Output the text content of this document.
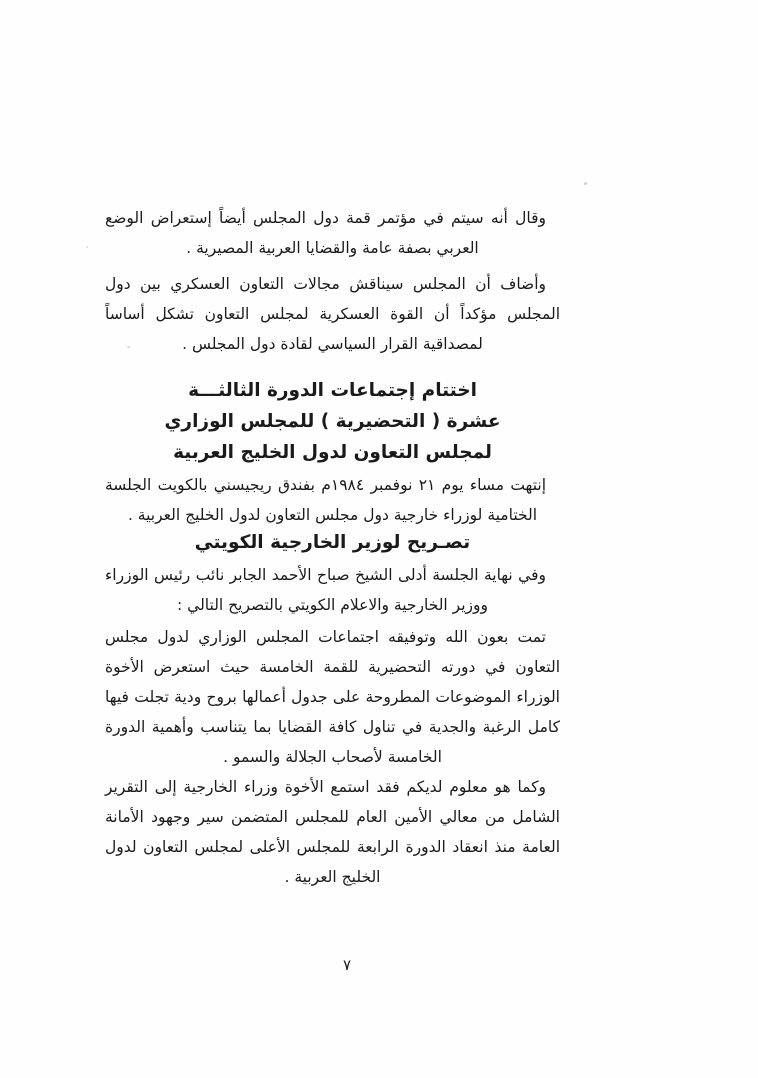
وقال أنه سيتم في مؤتمر قمة دول المجلس أيضاً إستعراض الوضع العربي بصفة عامة والقضايا العربية المصيرية .
وأضاف أن المجلس سيناقش مجالات التعاون العسكري بين دول المجلس مؤكداً أن القوة العسكرية لمجلس التعاون تشكل أساساً لمصداقية القرار السياسي لقادة دول المجلس .
اختتام إجتماعات الدورة الثالثـــة
عشرة ( التحضيرية ) للمجلس الوزاري
لمجلس التعاون لدول الخليج العربية
إنتهت مساء يوم ٢١ نوفمبر ١٩٨٤م بفندق ريجيسني بالكويت الجلسة الختامية لوزراء خارجية دول مجلس التعاون لدول الخليج العربية .
تصـريح لوزير الخارجية الكويتي
وفي نهاية الجلسة أدلى الشيخ صباح الأحمد الجابر نائب رئيس الوزراء ووزير الخارجية والاعلام الكويتي بالتصريح التالي :
تمت بعون الله وتوفيقه اجتماعات المجلس الوزاري لدول مجلس التعاون في دورته التحضيرية للقمة الخامسة حيث استعرض الأخوة الوزراء الموضوعات المطروحة على جدول أعمالها بروح ودية تجلت فيها كامل الرغبة والجدية في تناول كافة القضايا بما يتناسب وأهمية الدورة الخامسة لأصحاب الجلالة والسمو .
وكما هو معلوم لديكم فقد استمع الأخوة وزراء الخارجية إلى التقرير الشامل من معالي الأمين العام للمجلس المتضمن سير وجهود الأمانة العامة منذ انعقاد الدورة الرابعة للمجلس الأعلى لمجلس التعاون لدول الخليج العربية .
٧
